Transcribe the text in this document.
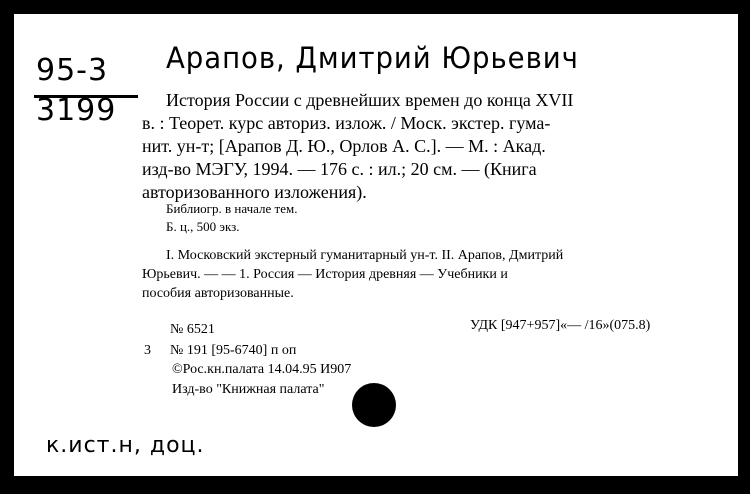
95-3
3199
Арапов, Дмитрий Юрьевич
История России с древнейших времен до конца XVII
в. : Теорет. курс авториз. излож. / Моск. экстер. гума-
нит. ун-т; [Арапов Д. Ю., Орлов А. С.]. — М. : Акад.
изд-во МЭГУ, 1994. — 176 с. : ил.; 20 см. — (Книга
авторизованного изложения).
Библиогр. в начале тем.
Б. ц., 500 экз.
I. Московский экстерный гуманитарный ун-т. II. Арапов, Дмитрий
Юрьевич. — — 1. Россия — История древняя — Учебники и
пособия авторизованные.
№ 6521	УДК [947+957]«— /16»(075.8)
3 № 191 [95-6740] п оп
©Рос.кн.палата 14.04.95 И907
Изд-во "Книжная палата"
к.ист.н, доц.
